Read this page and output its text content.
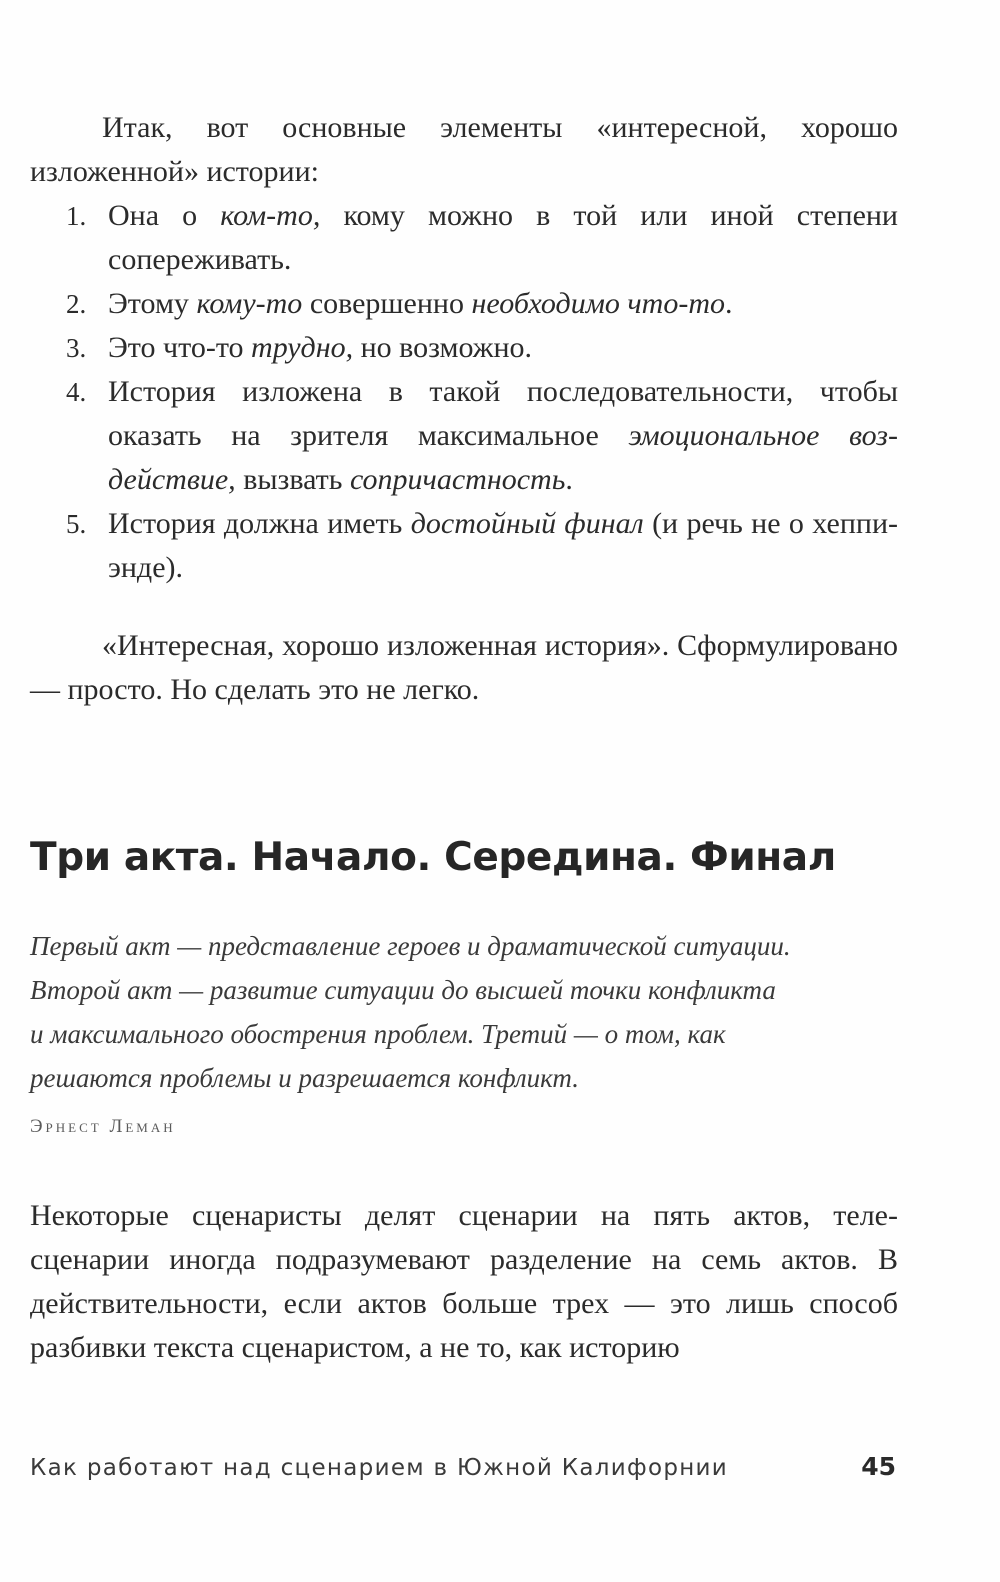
Итак, вот основные элементы «интересной, хорошо изложенной» истории:

1. Она о ком-то, кому можно в той или иной степени сопереживать.
2. Этому кому-то совершенно необходимо что-то.
3. Это что-то трудно, но возможно.
4. История изложена в такой последовательности, чтобы оказать на зрителя максимальное эмоциональное воздействие, вызвать сопричастность.
5. История должна иметь достойный финал (и речь не о хеппи-энде).

«Интересная, хорошо изложенная история». Сформулировано — просто. Но сделать это не легко.

Три акта. Начало. Середина. Финал
Первый акт — представление героев и драматической ситуации.
Второй акт — развитие ситуации до высшей точки конфликта
и максимального обострения проблем. Третий — о том, как
решаются проблемы и разрешается конфликт.
Эрнест Леман

Некоторые сценаристы делят сценарии на пять актов, телесценарии иногда подразумевают разделение на семь актов. В действительности, если актов больше трех — это лишь способ разбивки текста сценаристом, а не то, как историю

Как работают над сценарием в Южной Калифорнии	45
